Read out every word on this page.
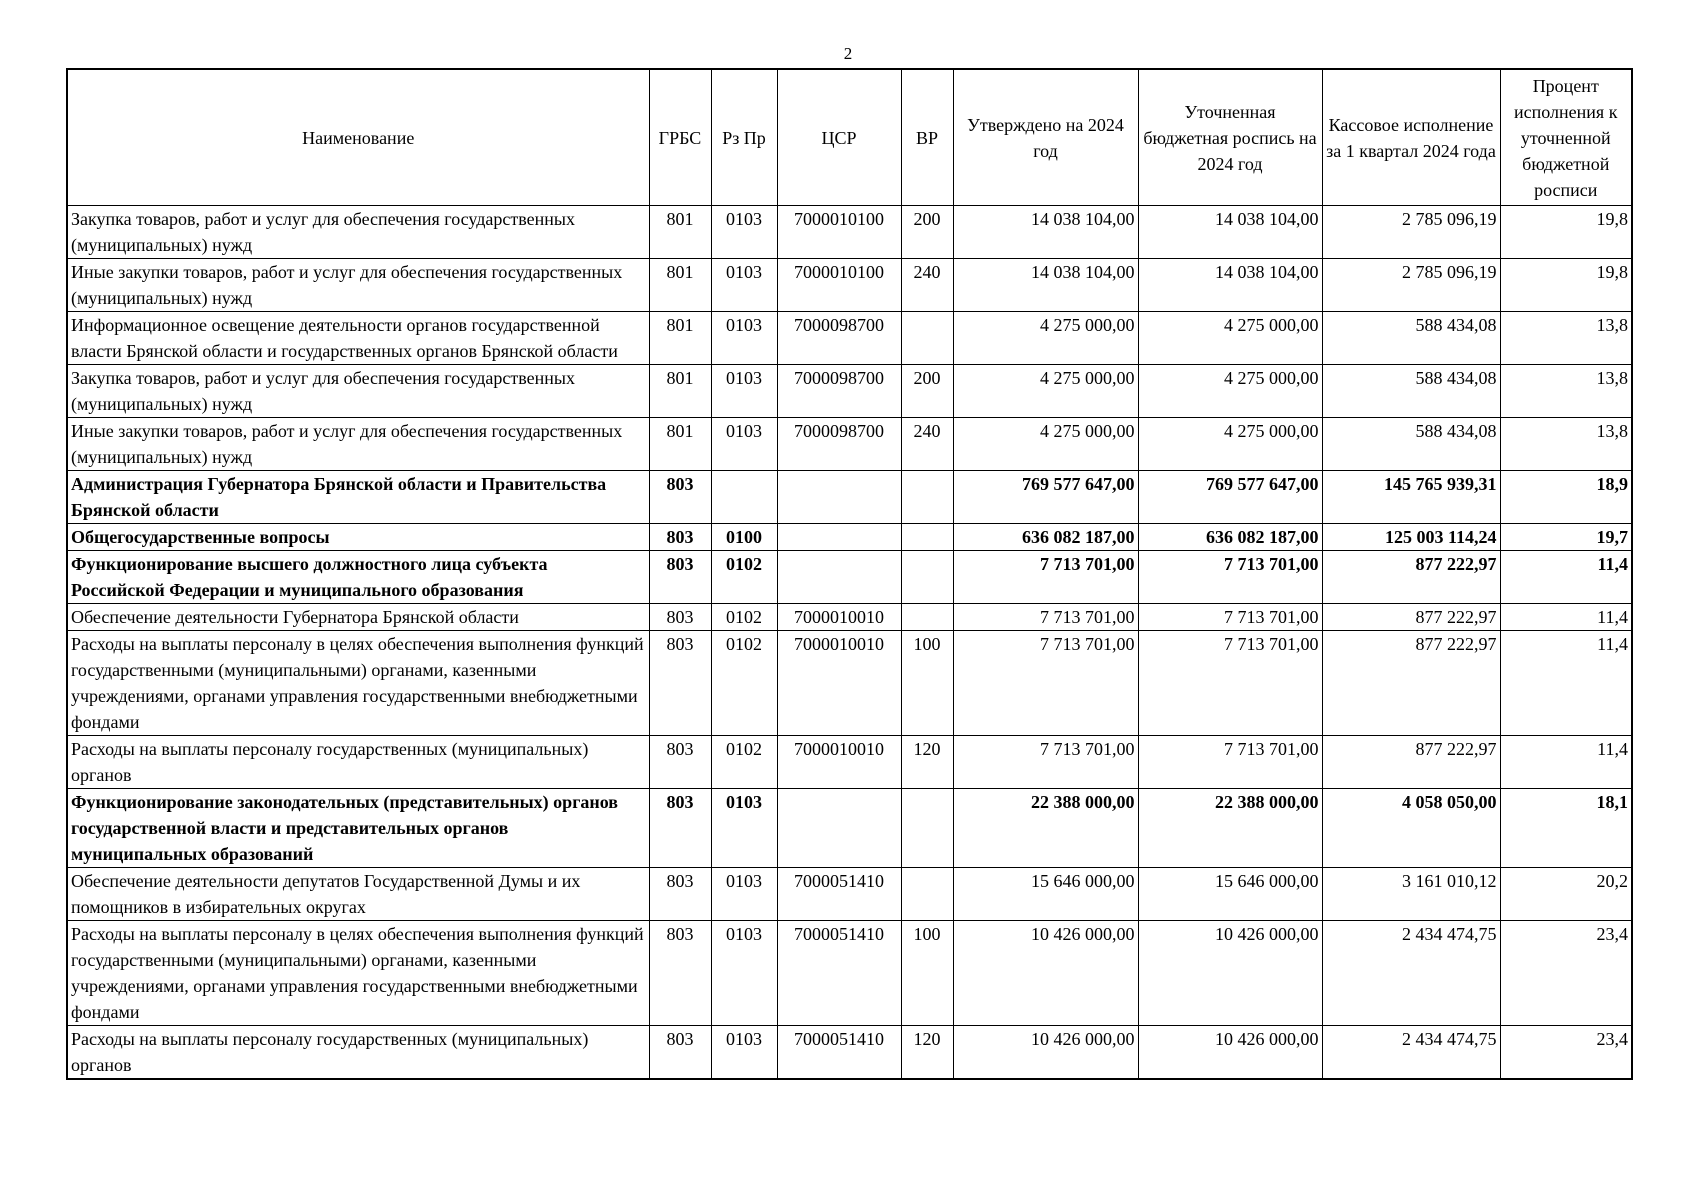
2
Наименование	ГРБС	Рз Пр	ЦСР	ВР	Утверждено на 2024 год	Уточненная бюджетная роспись на 2024 год	Кассовое исполнение за 1 квартал 2024 года	Процент исполнения к уточненной бюджетной росписи
Закупка товаров, работ и услуг для обеспечения государственных (муниципальных) нужд	801	0103	7000010100	200	14 038 104,00	14 038 104,00	2 785 096,19	19,8
Иные закупки товаров, работ и услуг для обеспечения государственных (муниципальных) нужд	801	0103	7000010100	240	14 038 104,00	14 038 104,00	2 785 096,19	19,8
Информационное освещение деятельности органов государственной власти Брянской области и государственных органов Брянской области	801	0103	7000098700		4 275 000,00	4 275 000,00	588 434,08	13,8
Закупка товаров, работ и услуг для обеспечения государственных (муниципальных) нужд	801	0103	7000098700	200	4 275 000,00	4 275 000,00	588 434,08	13,8
Иные закупки товаров, работ и услуг для обеспечения государственных (муниципальных) нужд	801	0103	7000098700	240	4 275 000,00	4 275 000,00	588 434,08	13,8
Администрация Губернатора Брянской области и Правительства Брянской области	803				769 577 647,00	769 577 647,00	145 765 939,31	18,9
Общегосударственные вопросы	803	0100			636 082 187,00	636 082 187,00	125 003 114,24	19,7
Функционирование высшего должностного лица субъекта Российской Федерации и муниципального образования	803	0102			7 713 701,00	7 713 701,00	877 222,97	11,4
Обеспечение деятельности Губернатора Брянской области	803	0102	7000010010		7 713 701,00	7 713 701,00	877 222,97	11,4
Расходы на выплаты персоналу в целях обеспечения выполнения функций государственными (муниципальными) органами, казенными учреждениями, органами управления государственными внебюджетными фондами	803	0102	7000010010	100	7 713 701,00	7 713 701,00	877 222,97	11,4
Расходы на выплаты персоналу государственных (муниципальных) органов	803	0102	7000010010	120	7 713 701,00	7 713 701,00	877 222,97	11,4
Функционирование законодательных (представительных) органов государственной власти и представительных органов муниципальных образований	803	0103			22 388 000,00	22 388 000,00	4 058 050,00	18,1
Обеспечение деятельности депутатов Государственной Думы и их помощников в избирательных округах	803	0103	7000051410		15 646 000,00	15 646 000,00	3 161 010,12	20,2
Расходы на выплаты персоналу в целях обеспечения выполнения функций государственными (муниципальными) органами, казенными учреждениями, органами управления государственными внебюджетными фондами	803	0103	7000051410	100	10 426 000,00	10 426 000,00	2 434 474,75	23,4
Расходы на выплаты персоналу государственных (муниципальных) органов	803	0103	7000051410	120	10 426 000,00	10 426 000,00	2 434 474,75	23,4
